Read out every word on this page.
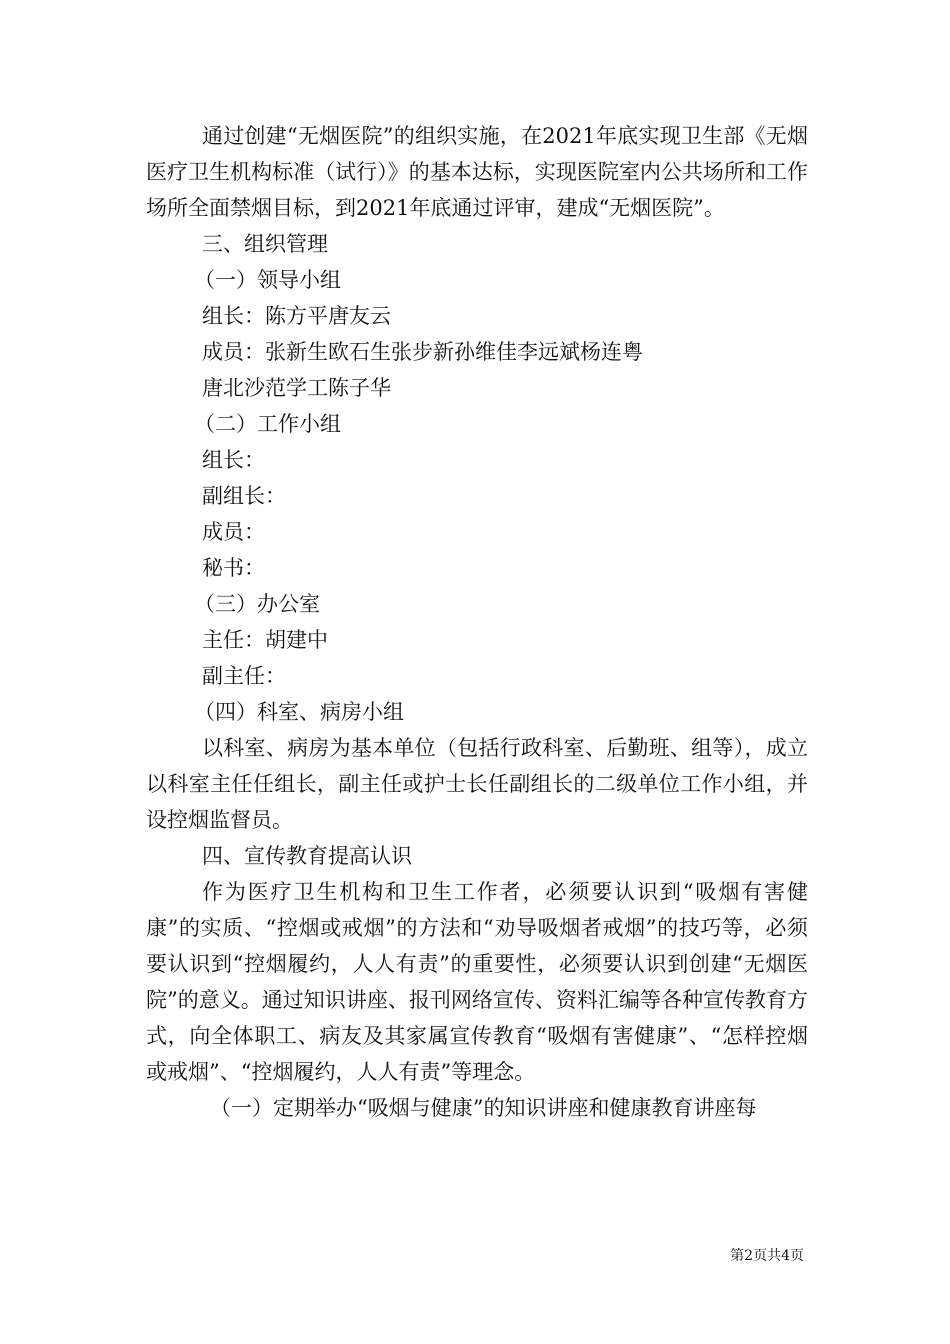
通过创建“无烟医院”的组织实施，在2021年底实现卫生部《无烟医疗卫生机构标准（试行）》的基本达标，实现医院室内公共场所和工作场所全面禁烟目标，到2021年底通过评审，建成“无烟医院”。

三、组织管理

（一）领导小组

组长：陈方平唐友云

成员：张新生欧石生张步新孙维佳李远斌杨连粤

唐北沙范学工陈子华

（二）工作小组

组长：

副组长：

成员：

秘书：

（三）办公室

主任：胡建中

副主任：

（四）科室、病房小组

以科室、病房为基本单位（包括行政科室、后勤班、组等），成立以科室主任任组长，副主任或护士长任副组长的二级单位工作小组，并设控烟监督员。

四、宣传教育提高认识

作为医疗卫生机构和卫生工作者，必须要认识到“吸烟有害健康”的实质、“控烟或戒烟”的方法和“劝导吸烟者戒烟”的技巧等，必须要认识到“控烟履约，人人有责”的重要性，必须要认识到创建“无烟医院”的意义。通过知识讲座、报刊网络宣传、资料汇编等各种宣传教育方式，向全体职工、病友及其家属宣传教育“吸烟有害健康”、“怎样控烟或戒烟”、“控烟履约，人人有责”等理念。

（一）定期举办“吸烟与健康”的知识讲座和健康教育讲座每

第2页共4页
